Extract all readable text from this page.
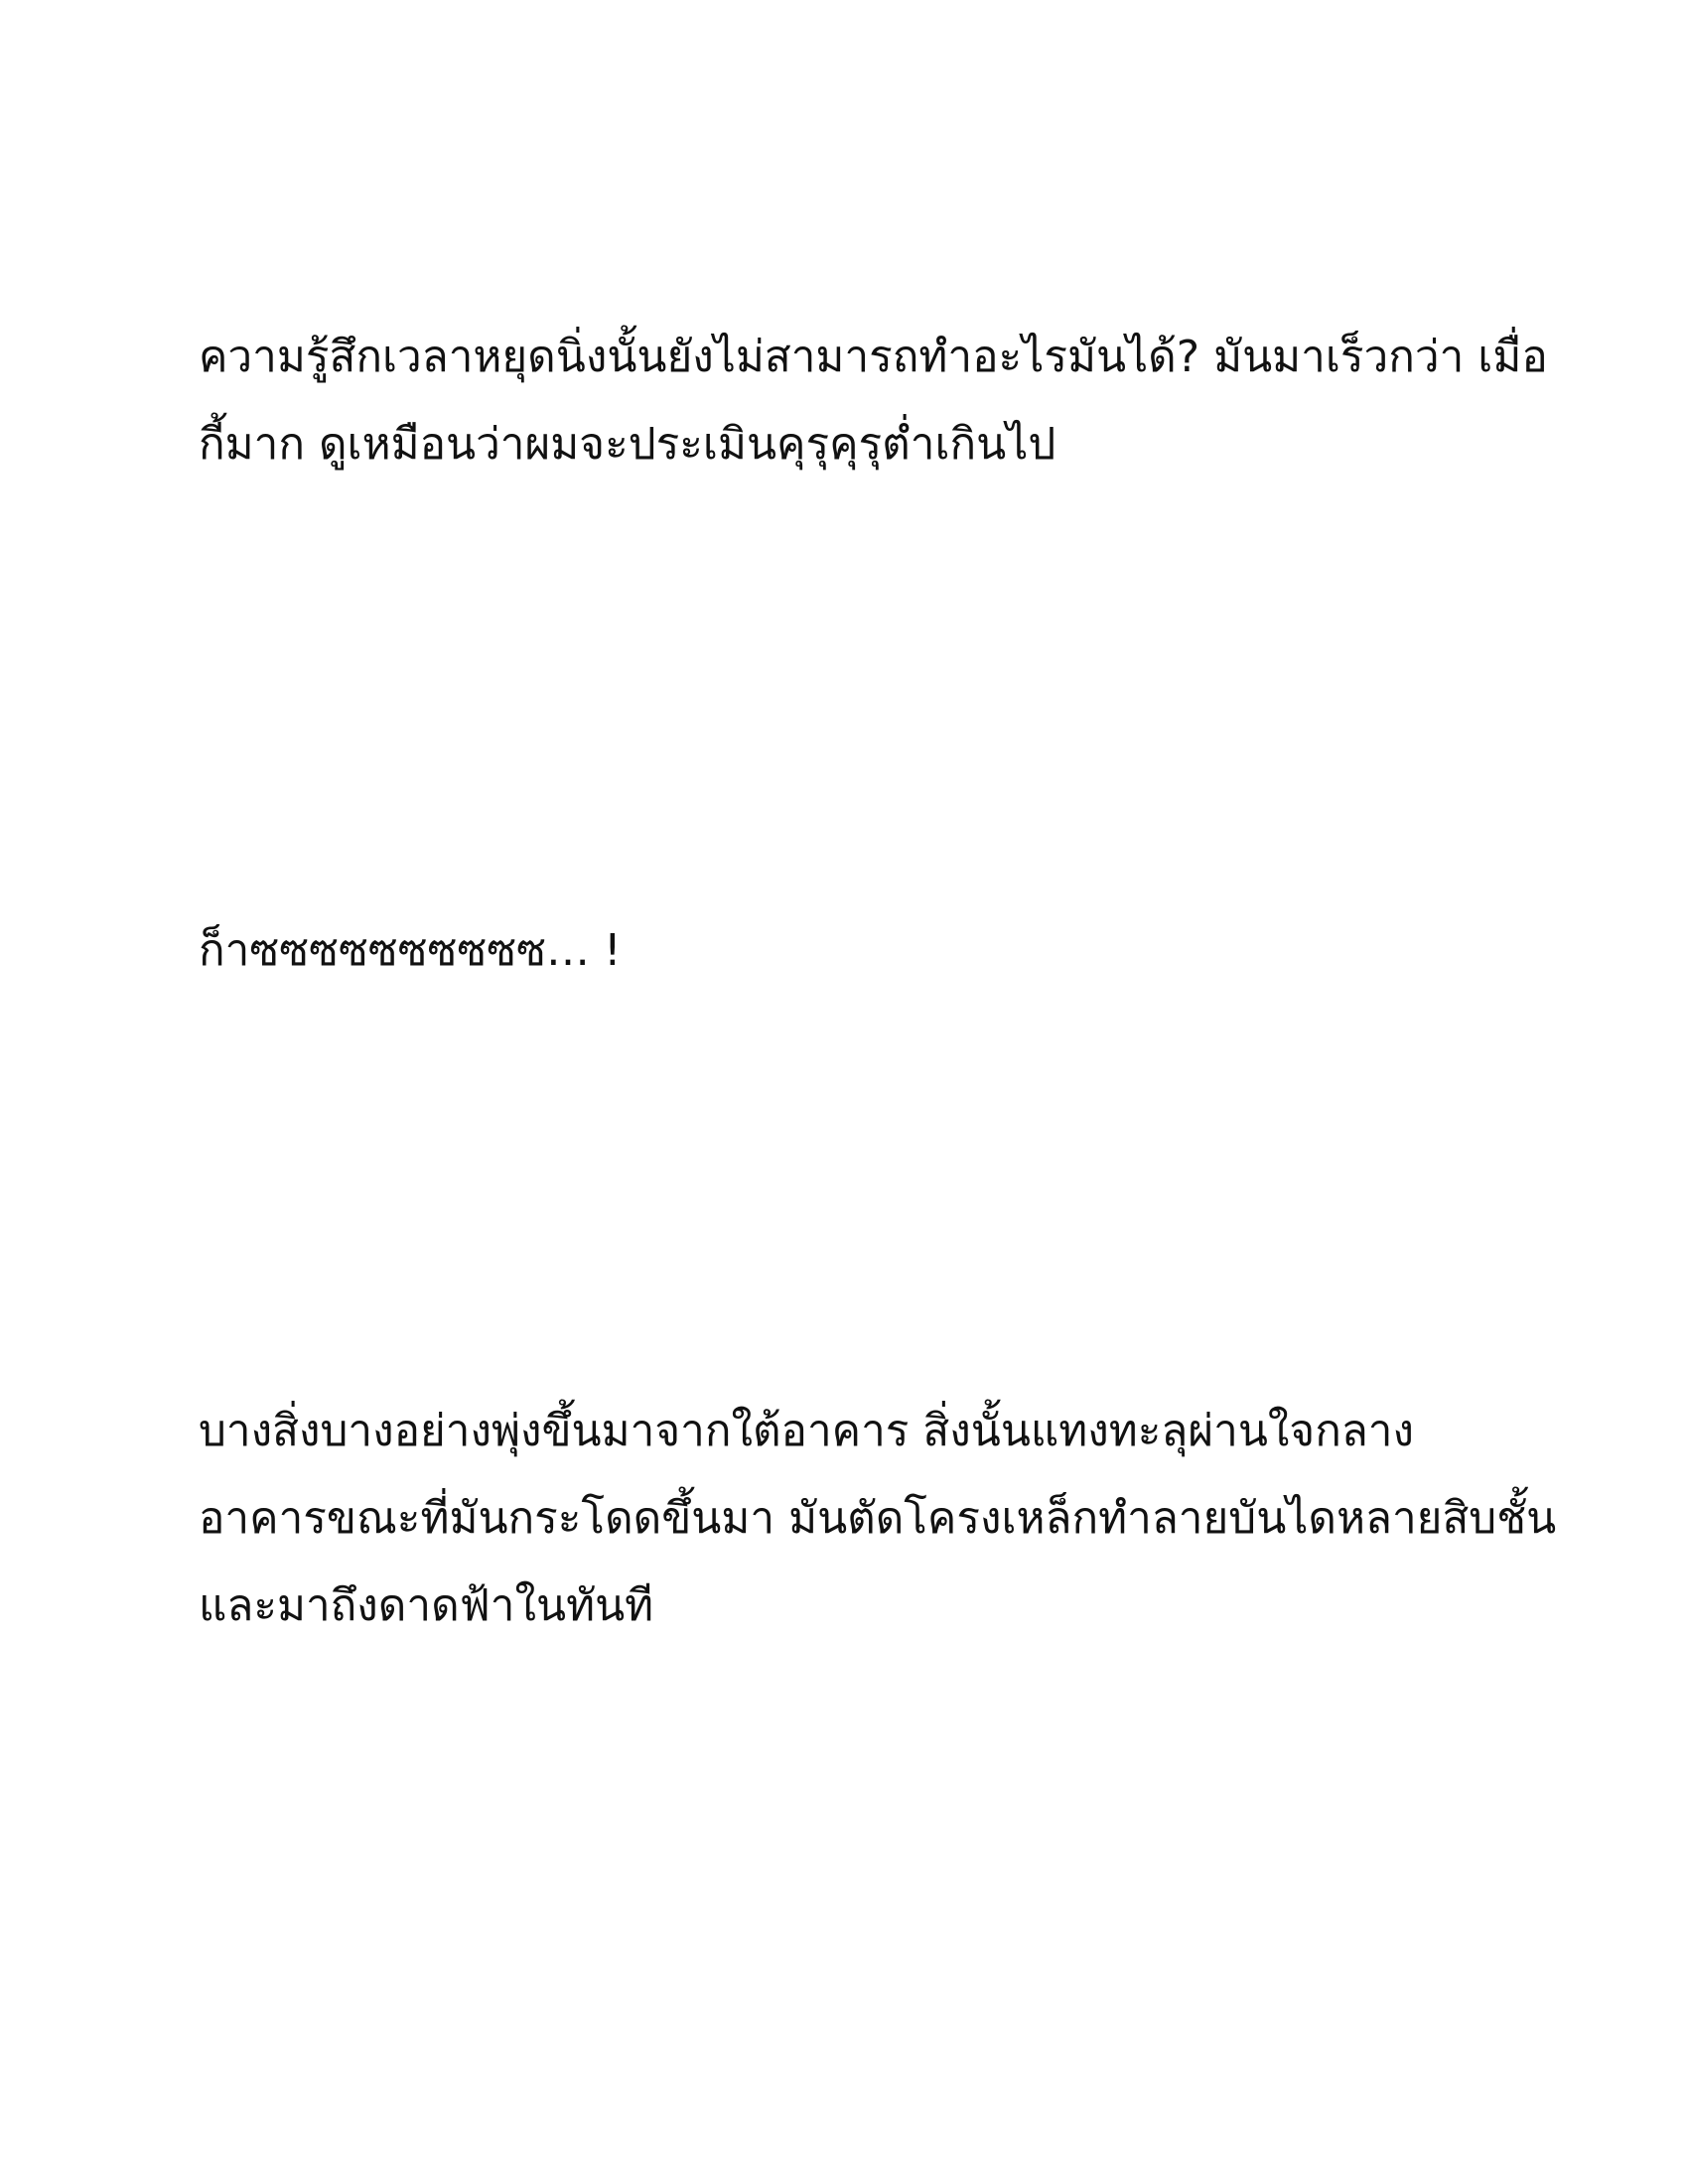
ความรู้สึกเวลาหยุดนิ่งนั้นยังไม่สามารถทำอะไรมันได้? มันมาเร็วกว่า เมื่อ
กี้มาก ดูเหมือนว่าผมจะประเมินคุรุคุรุต่ำเกินไป

ก็าซซซซซซซซซซ… !

บางสิ่งบางอย่างพุ่งขึ้นมาจากใต้อาคาร สิ่งนั้นแทงทะลุผ่านใจกลาง
อาคารขณะที่มันกระโดดขึ้นมา มันตัดโครงเหล็กทำลายบันไดหลายสิบชั้น
และมาถึงดาดฟ้าในทันที
